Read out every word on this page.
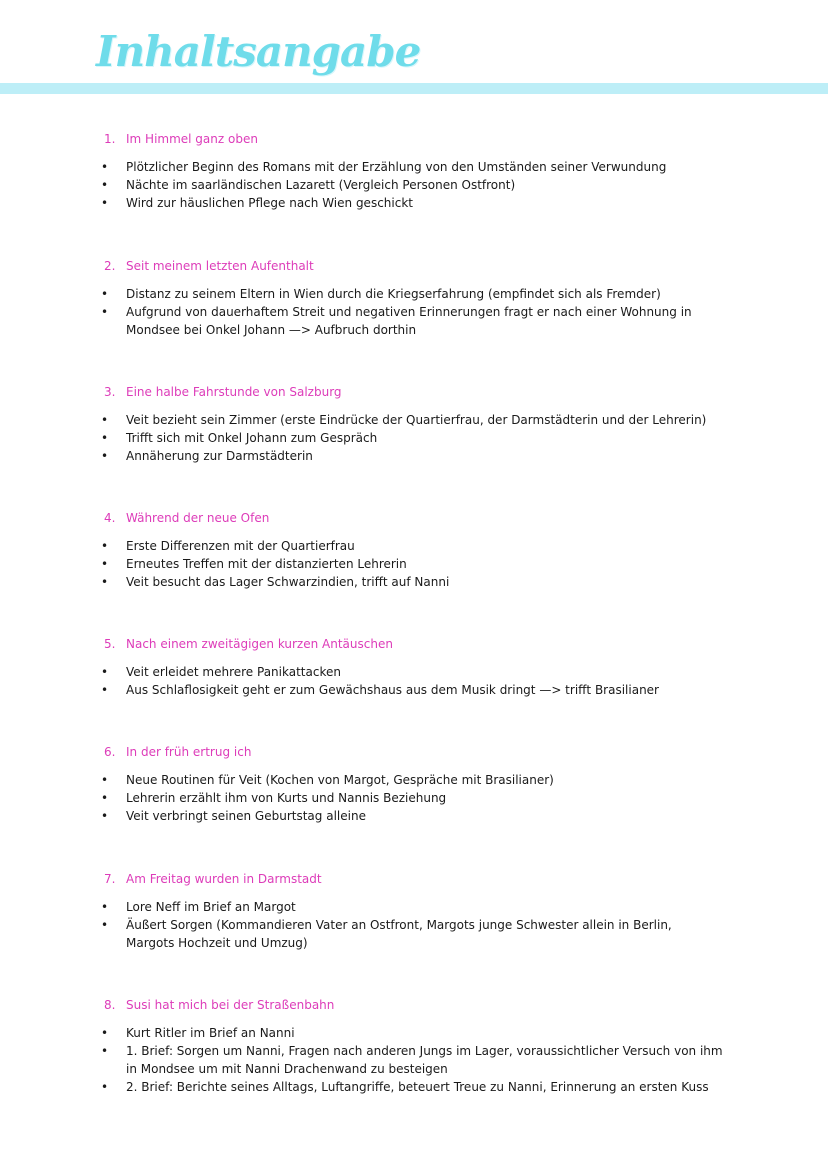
Inhaltsangabe
1. Im Himmel ganz oben
• Plötzlicher Beginn des Romans mit der Erzählung von den Umständen seiner Verwundung
• Nächte im saarländischen Lazarett (Vergleich Personen Ostfront)
• Wird zur häuslichen Pflege nach Wien geschickt
2. Seit meinem letzten Aufenthalt
• Distanz zu seinem Eltern in Wien durch die Kriegserfahrung (empfindet sich als Fremder)
• Aufgrund von dauerhaftem Streit und negativen Erinnerungen fragt er nach einer Wohnung in
Mondsee bei Onkel Johann —> Aufbruch dorthin
3. Eine halbe Fahrstunde von Salzburg
• Veit bezieht sein Zimmer (erste Eindrücke der Quartierfrau, der Darmstädterin und der Lehrerin)
• Trifft sich mit Onkel Johann zum Gespräch
• Annäherung zur Darmstädterin
4. Während der neue Ofen
• Erste Differenzen mit der Quartierfrau
• Erneutes Treffen mit der distanzierten Lehrerin
• Veit besucht das Lager Schwarzindien, trifft auf Nanni
5. Nach einem zweitägigen kurzen Antäuschen
• Veit erleidet mehrere Panikattacken
• Aus Schlaflosigkeit geht er zum Gewächshaus aus dem Musik dringt —> trifft Brasilianer
6. In der früh ertrug ich
• Neue Routinen für Veit (Kochen von Margot, Gespräche mit Brasilianer)
• Lehrerin erzählt ihm von Kurts und Nannis Beziehung
• Veit verbringt seinen Geburtstag alleine
7. Am Freitag wurden in Darmstadt
• Lore Neff im Brief an Margot
• Äußert Sorgen (Kommandieren Vater an Ostfront, Margots junge Schwester allein in Berlin,
Margots Hochzeit und Umzug)
8. Susi hat mich bei der Straßenbahn
• Kurt Ritler im Brief an Nanni
• 1. Brief: Sorgen um Nanni, Fragen nach anderen Jungs im Lager, voraussichtlicher Versuch von ihm
in Mondsee um mit Nanni Drachenwand zu besteigen
• 2. Brief: Berichte seines Alltags, Luftangriffe, beteuert Treue zu Nanni, Erinnerung an ersten Kuss
